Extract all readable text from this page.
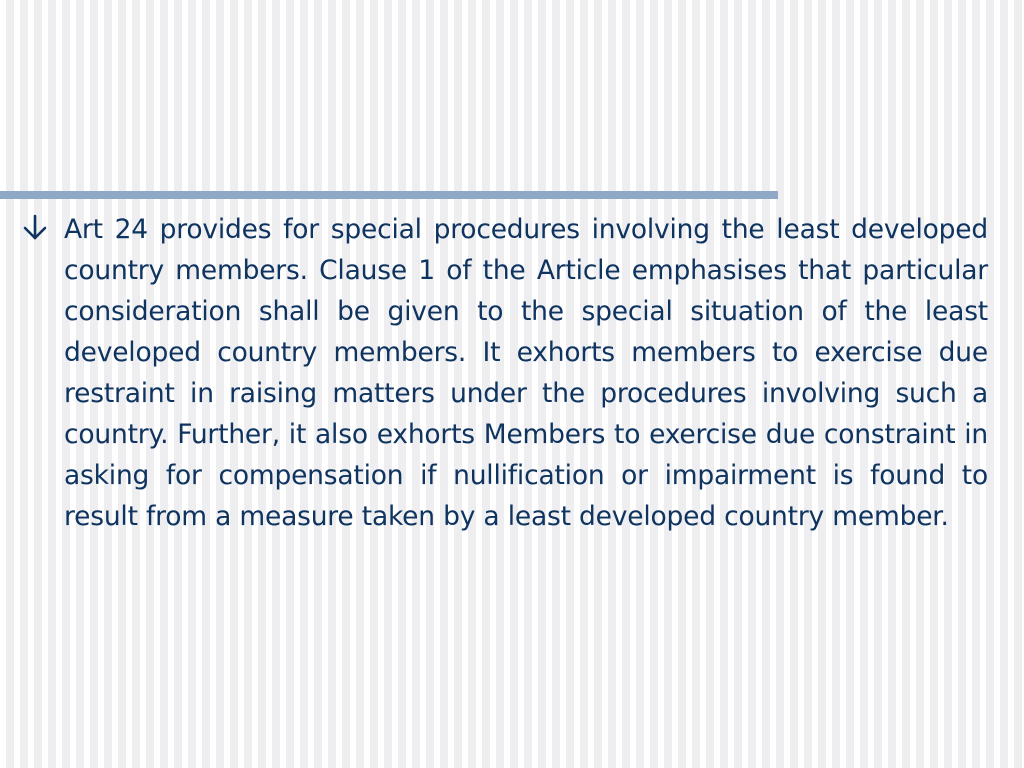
Art 24 provides for special procedures involving the least developed country members. Clause 1 of the Article emphasises that particular consideration shall be given to the special situation of the least developed country members. It exhorts members to exercise due restraint in raising matters under the procedures involving such a country. Further, it also exhorts Members to exercise due constraint in asking for compensation if nullification or impairment is found to result from a measure taken by a least developed country member.
